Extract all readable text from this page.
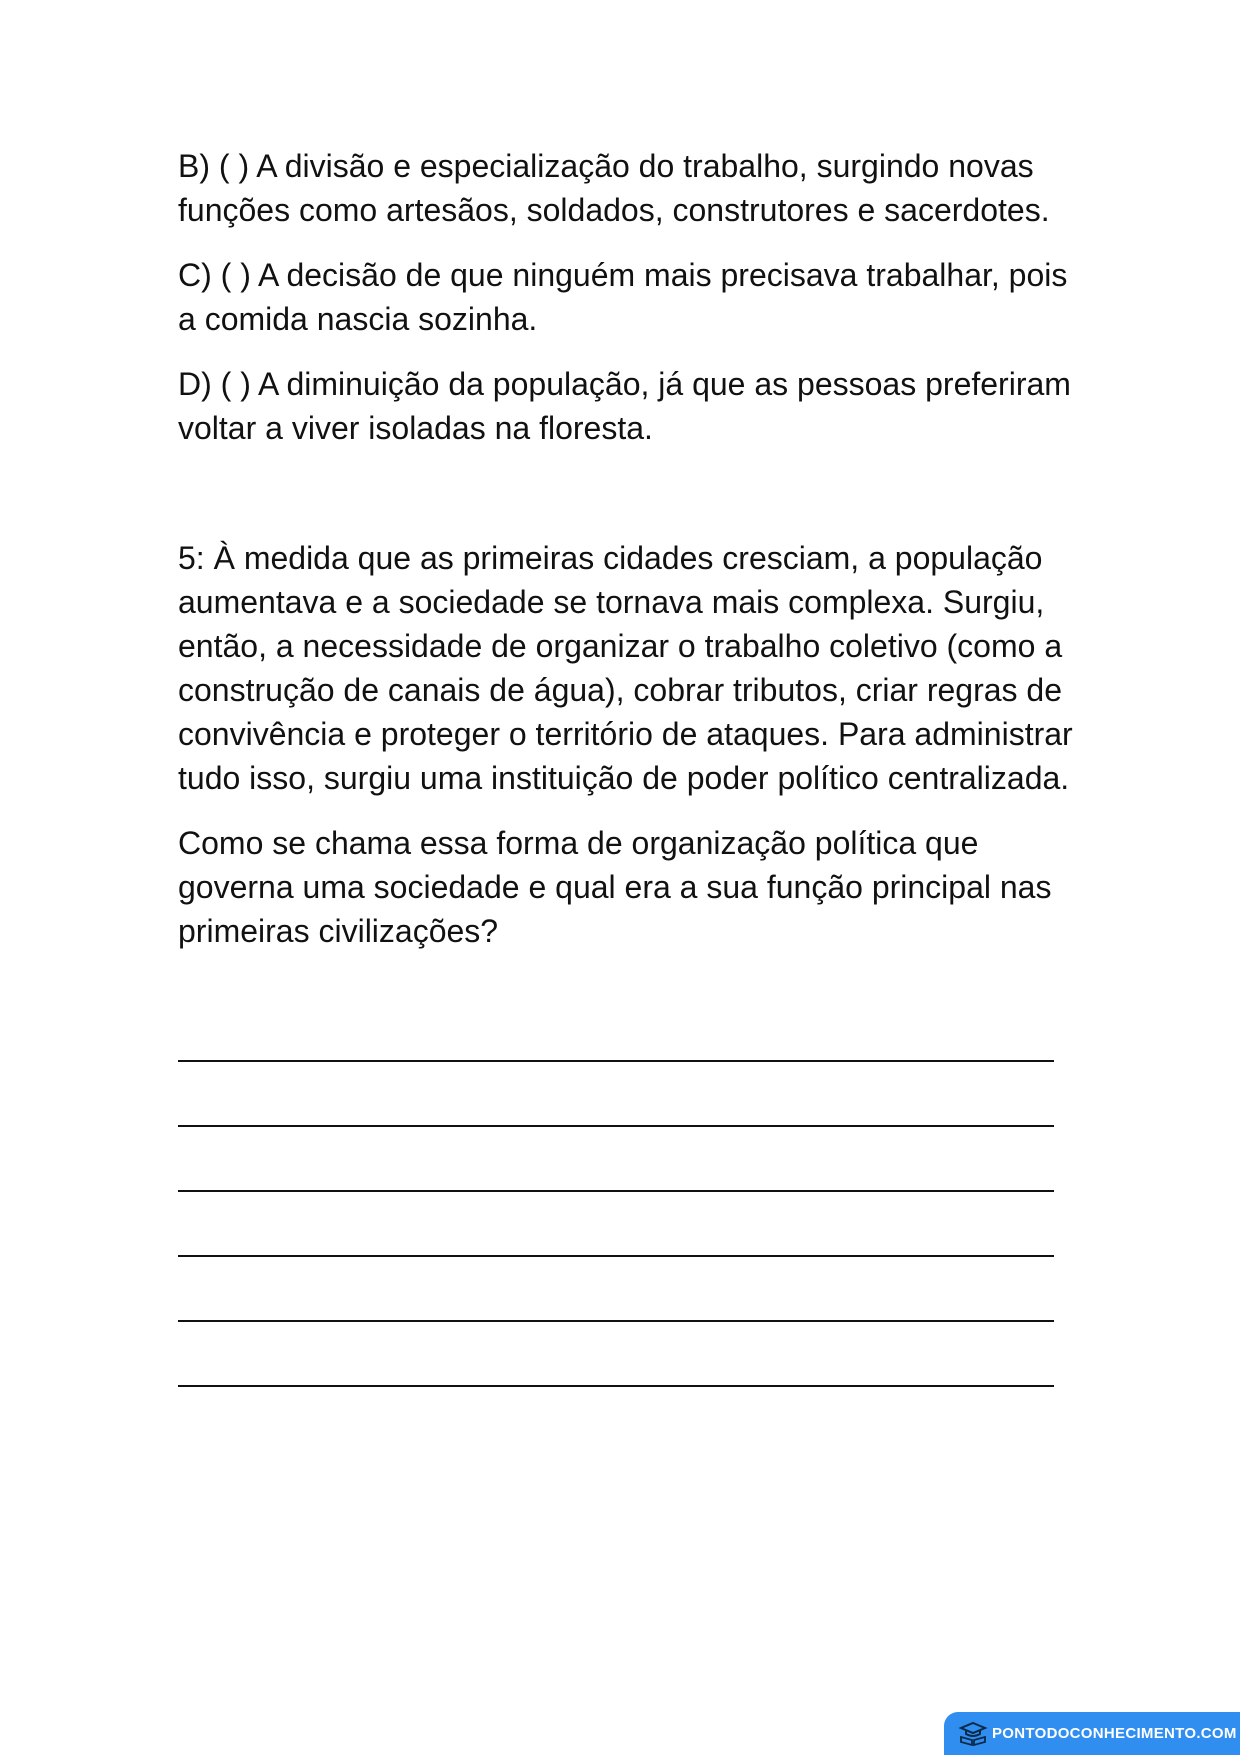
B) ( ) A divisão e especialização do trabalho, surgindo novas funções como artesãos, soldados, construtores e sacerdotes.

C) ( ) A decisão de que ninguém mais precisava trabalhar, pois a comida nascia sozinha.

D) ( ) A diminuição da população, já que as pessoas preferiram voltar a viver isoladas na floresta.

5: À medida que as primeiras cidades cresciam, a população aumentava e a sociedade se tornava mais complexa. Surgiu, então, a necessidade de organizar o trabalho coletivo (como a construção de canais de água), cobrar tributos, criar regras de convivência e proteger o território de ataques. Para administrar tudo isso, surgiu uma instituição de poder político centralizada.

Como se chama essa forma de organização política que governa uma sociedade e qual era a sua função principal nas primeiras civilizações?

PONTODOCONHECIMENTO.COM
